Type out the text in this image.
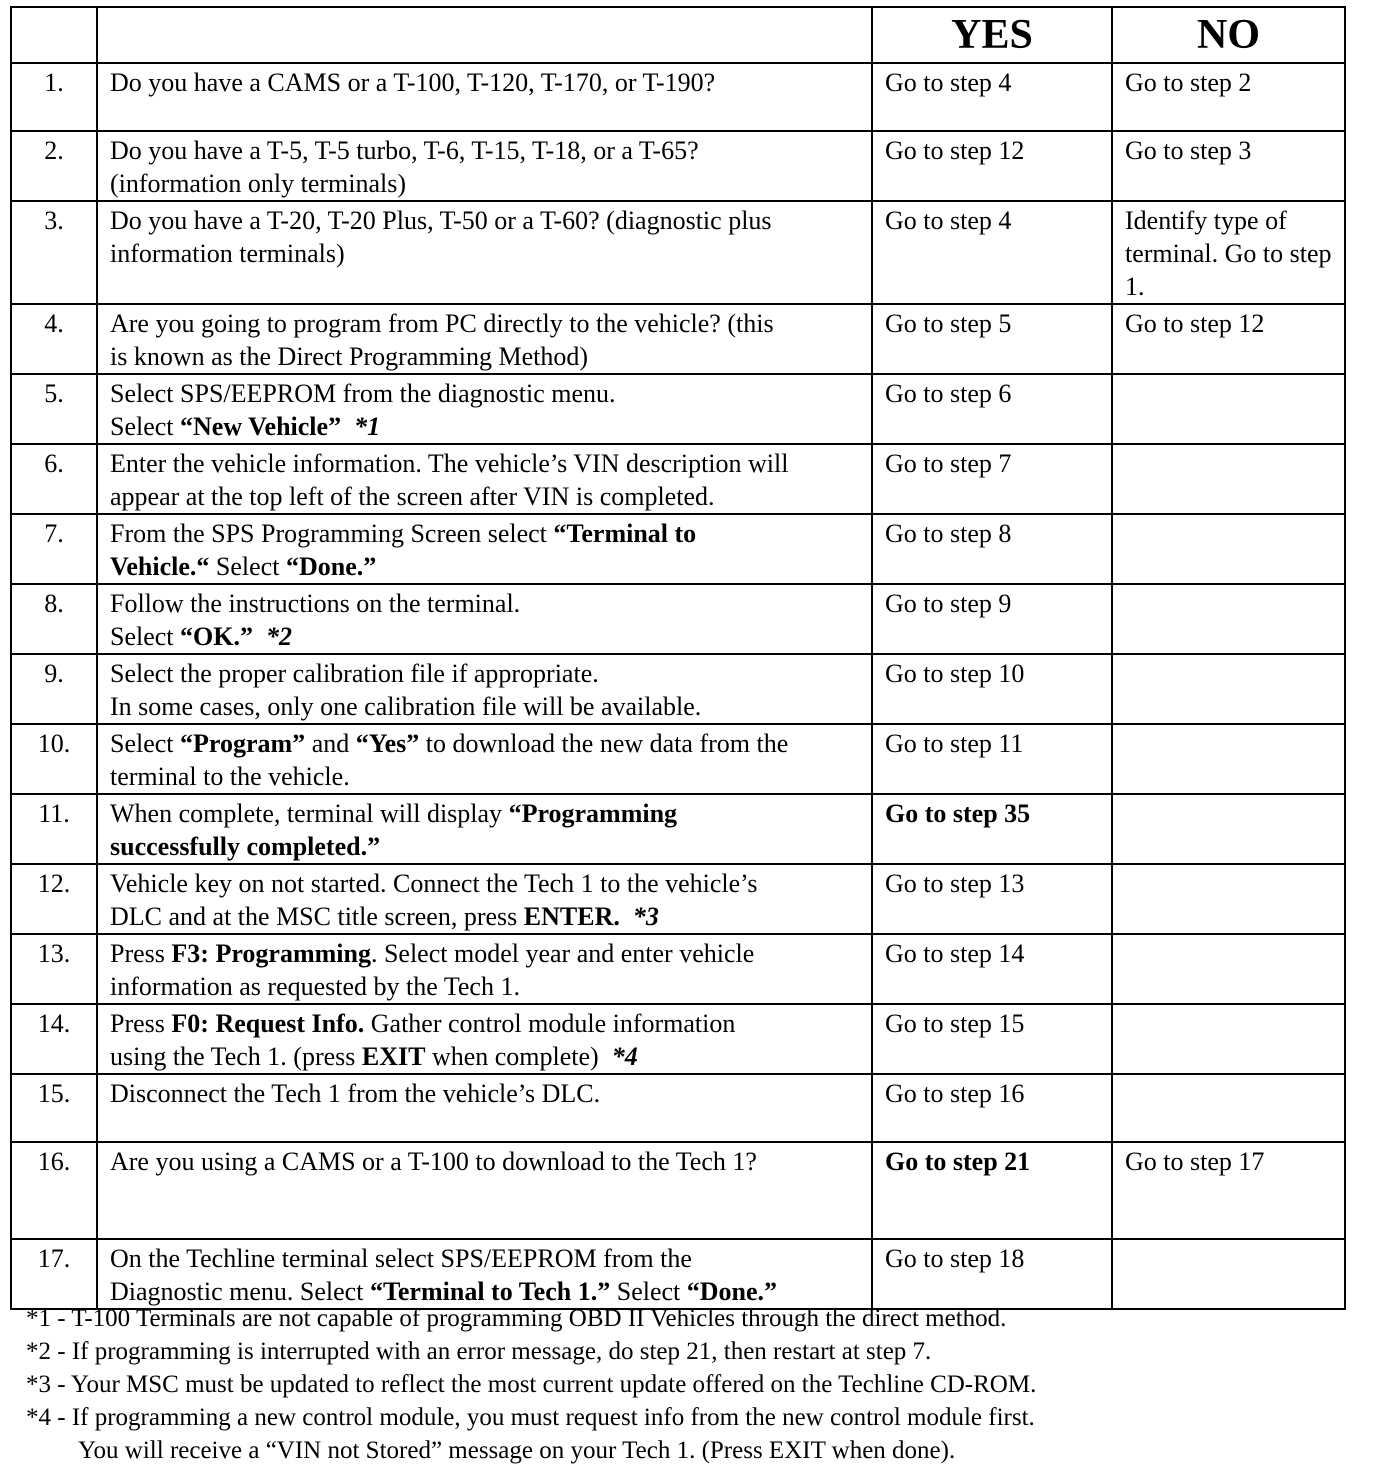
		YES	NO
1.	Do you have a CAMS or a T-100, T-120, T-170, or T-190?	Go to step 4	Go to step 2
2.	Do you have a T-5, T-5 turbo, T-6, T-15, T-18, or a T-65?
(information only terminals)	Go to step 12	Go to step 3
3.	Do you have a T-20, T-20 Plus, T-50 or a T-60? (diagnostic plus
information terminals)	Go to step 4	Identify type of terminal. Go to step 1.
4.	Are you going to program from PC directly to the vehicle? (this
is known as the Direct Programming Method)	Go to step 5	Go to step 12
5.	Select SPS/EEPROM from the diagnostic menu.
Select “New Vehicle” *1	Go to step 6	
6.	Enter the vehicle information. The vehicle’s VIN description will
appear at the top left of the screen after VIN is completed.	Go to step 7	
7.	From the SPS Programming Screen select “Terminal to
Vehicle.“ Select “Done.”	Go to step 8	
8.	Follow the instructions on the terminal.
Select “OK.” *2	Go to step 9	
9.	Select the proper calibration file if appropriate.
In some cases, only one calibration file will be available.	Go to step 10	
10.	Select “Program” and “Yes” to download the new data from the
terminal to the vehicle.	Go to step 11	
11.	When complete, terminal will display “Programming
successfully completed.”	Go to step 35	
12.	Vehicle key on not started. Connect the Tech 1 to the vehicle’s
DLC and at the MSC title screen, press ENTER. *3	Go to step 13	
13.	Press F3: Programming. Select model year and enter vehicle
information as requested by the Tech 1.	Go to step 14	
14.	Press F0: Request Info. Gather control module information
using the Tech 1. (press EXIT when complete) *4	Go to step 15	
15.	Disconnect the Tech 1 from the vehicle’s DLC.	Go to step 16	
16.	Are you using a CAMS or a T-100 to download to the Tech 1?	Go to step 21	Go to step 17
17.	On the Techline terminal select SPS/EEPROM from the
Diagnostic menu. Select “Terminal to Tech 1.” Select “Done.”	Go to step 18	
*1 - T-100 Terminals are not capable of programming OBD II Vehicles through the direct method.
*2 - If programming is interrupted with an error message, do step 21, then restart at step 7.
*3 - Your MSC must be updated to reflect the most current update offered on the Techline CD-ROM.
*4 - If programming a new control module, you must request info from the new control module first.
You will receive a “VIN not Stored” message on your Tech 1. (Press EXIT when done).
